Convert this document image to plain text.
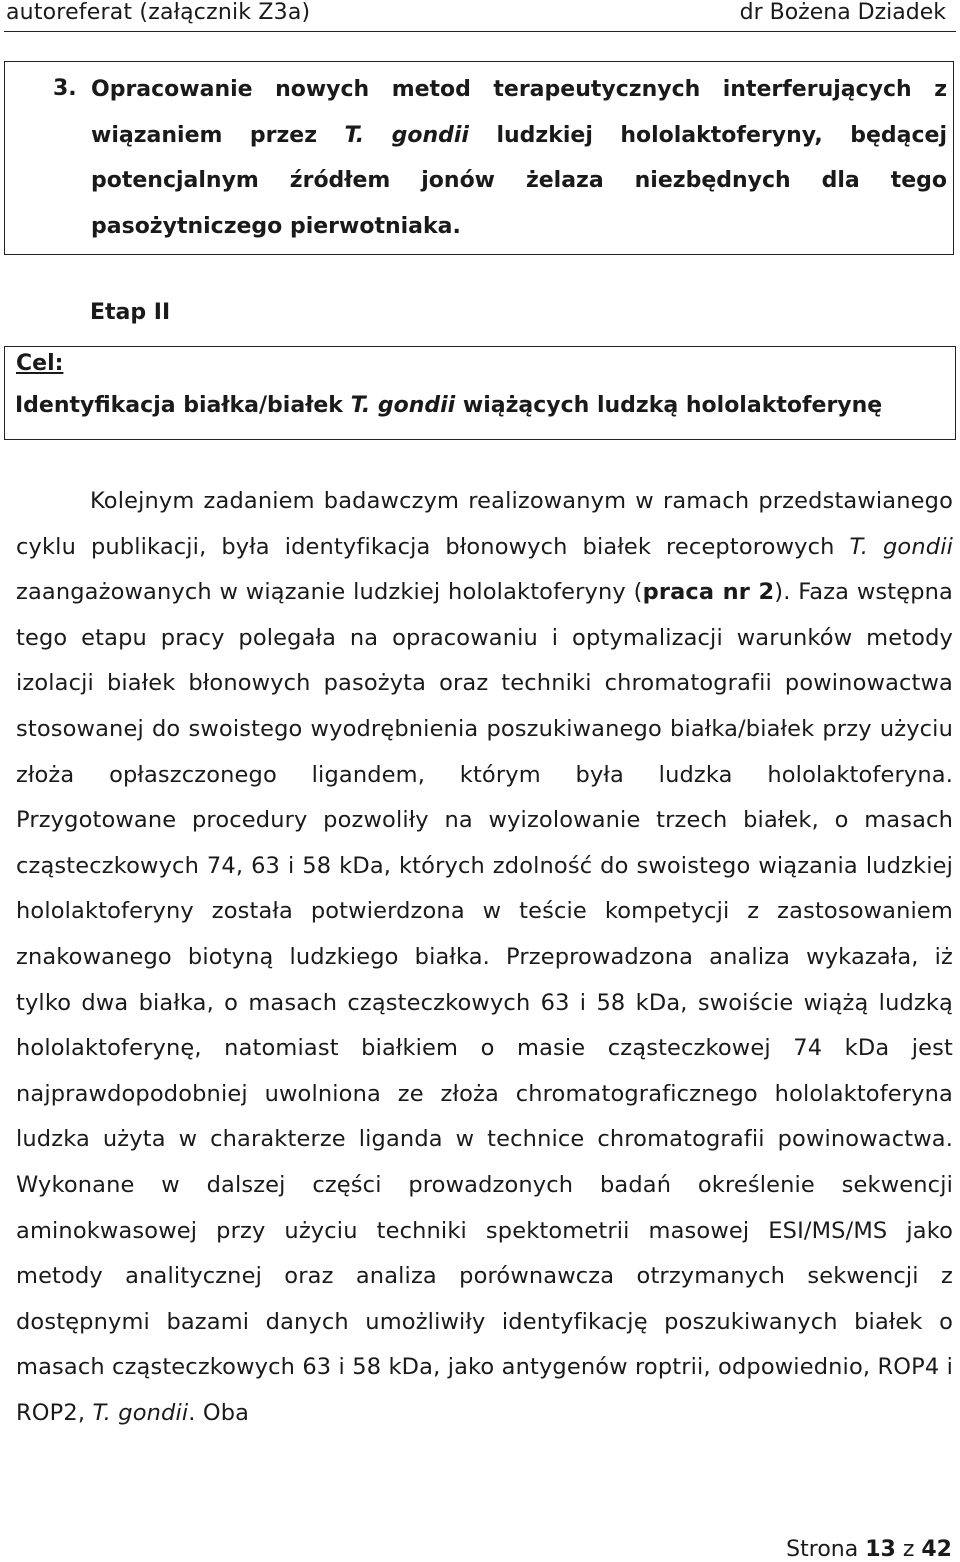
autoreferat (załącznik Z3a)	dr Bożena Dziadek
3. Opracowanie nowych metod terapeutycznych interferujących z wiązaniem przez T. gondii ludzkiej hololaktoferyny, będącej potencjalnym źródłem jonów żelaza niezbędnych dla tego pasożytniczego pierwotniaka.
Etap II
Identyfikacja białka/białek T. gondii wiążących ludzką hololaktoferynę
Cel:

Kolejnym zadaniem badawczym realizowanym w ramach przedstawianego cyklu publikacji, była identyfikacja błonowych białek receptorowych T. gondii zaangażowanych w wiązanie ludzkiej hololaktoferyny (praca nr 2). Faza wstępna tego etapu pracy polegała na opracowaniu i optymalizacji warunków metody izolacji białek błonowych pasożyta oraz techniki chromatografii powinowactwa stosowanej do swoistego wyodrębnienia poszukiwanego białka/białek przy użyciu złoża opłaszczonego ligandem, którym była ludzka hololaktoferyna. Przygotowane procedury pozwoliły na wyizolowanie trzech białek, o masach cząsteczkowych 74, 63 i 58 kDa, których zdolność do swoistego wiązania ludzkiej hololaktoferyny została potwierdzona w teście kompetycji z zastosowaniem znakowanego biotyną ludzkiego białka. Przeprowadzona analiza wykazała, iż tylko dwa białka, o masach cząsteczkowych 63 i 58 kDa, swoiście wiążą ludzką hololaktoferynę, natomiast białkiem o masie cząsteczkowej 74 kDa jest najprawdopodobniej uwolniona ze złoża chromatograficznego hololaktoferyna ludzka użyta w charakterze liganda w technice chromatografii powinowactwa. Wykonane w dalszej części prowadzonych badań określenie sekwencji aminokwasowej przy użyciu techniki spektometrii masowej ESI/MS/MS jako metody analitycznej oraz analiza porównawcza otrzymanych sekwencji z dostępnymi bazami danych umożliwiły identyfikację poszukiwanych białek o masach cząsteczkowych 63 i 58 kDa, jako antygenów roptrii, odpowiednio, ROP4 i ROP2, T. gondii. Oba

Strona 13 z 42
